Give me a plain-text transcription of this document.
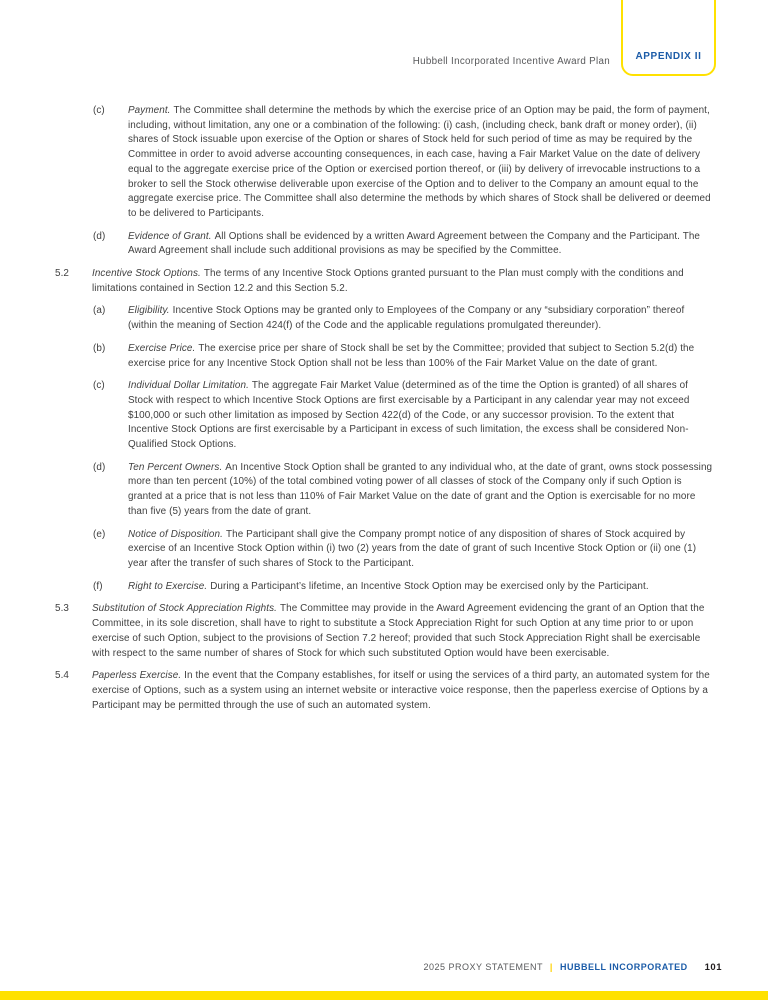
Hubbell Incorporated Incentive Award Plan	APPENDIX II
(c)	Payment. The Committee shall determine the methods by which the exercise price of an Option may be paid, the form of payment, including, without limitation, any one or a combination of the following: (i) cash, (including check, bank draft or money order), (ii) shares of Stock issuable upon exercise of the Option or shares of Stock held for such period of time as may be required by the Committee in order to avoid adverse accounting consequences, in each case, having a Fair Market Value on the date of delivery equal to the aggregate exercise price of the Option or exercised portion thereof, or (iii) by delivery of irrevocable instructions to a broker to sell the Stock otherwise deliverable upon exercise of the Option and to deliver to the Company an amount equal to the aggregate exercise price. The Committee shall also determine the methods by which shares of Stock shall be delivered or deemed to be delivered to Participants.
(d)	Evidence of Grant. All Options shall be evidenced by a written Award Agreement between the Company and the Participant. The Award Agreement shall include such additional provisions as may be specified by the Committee.
5.2	Incentive Stock Options. The terms of any Incentive Stock Options granted pursuant to the Plan must comply with the conditions and limitations contained in Section 12.2 and this Section 5.2.
(a)	Eligibility. Incentive Stock Options may be granted only to Employees of the Company or any “subsidiary corporation” thereof (within the meaning of Section 424(f) of the Code and the applicable regulations promulgated thereunder).
(b)	Exercise Price. The exercise price per share of Stock shall be set by the Committee; provided that subject to Section 5.2(d) the exercise price for any Incentive Stock Option shall not be less than 100% of the Fair Market Value on the date of grant.
(c)	Individual Dollar Limitation. The aggregate Fair Market Value (determined as of the time the Option is granted) of all shares of Stock with respect to which Incentive Stock Options are first exercisable by a Participant in any calendar year may not exceed $100,000 or such other limitation as imposed by Section 422(d) of the Code, or any successor provision. To the extent that Incentive Stock Options are first exercisable by a Participant in excess of such limitation, the excess shall be considered Non-Qualified Stock Options.
(d)	Ten Percent Owners. An Incentive Stock Option shall be granted to any individual who, at the date of grant, owns stock possessing more than ten percent (10%) of the total combined voting power of all classes of stock of the Company only if such Option is granted at a price that is not less than 110% of Fair Market Value on the date of grant and the Option is exercisable for no more than five (5) years from the date of grant.
(e)	Notice of Disposition. The Participant shall give the Company prompt notice of any disposition of shares of Stock acquired by exercise of an Incentive Stock Option within (i) two (2) years from the date of grant of such Incentive Stock Option or (ii) one (1) year after the transfer of such shares of Stock to the Participant.
(f)	Right to Exercise. During a Participant’s lifetime, an Incentive Stock Option may be exercised only by the Participant.
5.3	Substitution of Stock Appreciation Rights. The Committee may provide in the Award Agreement evidencing the grant of an Option that the Committee, in its sole discretion, shall have to right to substitute a Stock Appreciation Right for such Option at any time prior to or upon exercise of such Option, subject to the provisions of Section 7.2 hereof; provided that such Stock Appreciation Right shall be exercisable with respect to the same number of shares of Stock for which such substituted Option would have been exercisable.
5.4	Paperless Exercise. In the event that the Company establishes, for itself or using the services of a third party, an automated system for the exercise of Options, such as a system using an internet website or interactive voice response, then the paperless exercise of Options by a Participant may be permitted through the use of such an automated system.
2025 PROXY STATEMENT | HUBBELL INCORPORATED 101
